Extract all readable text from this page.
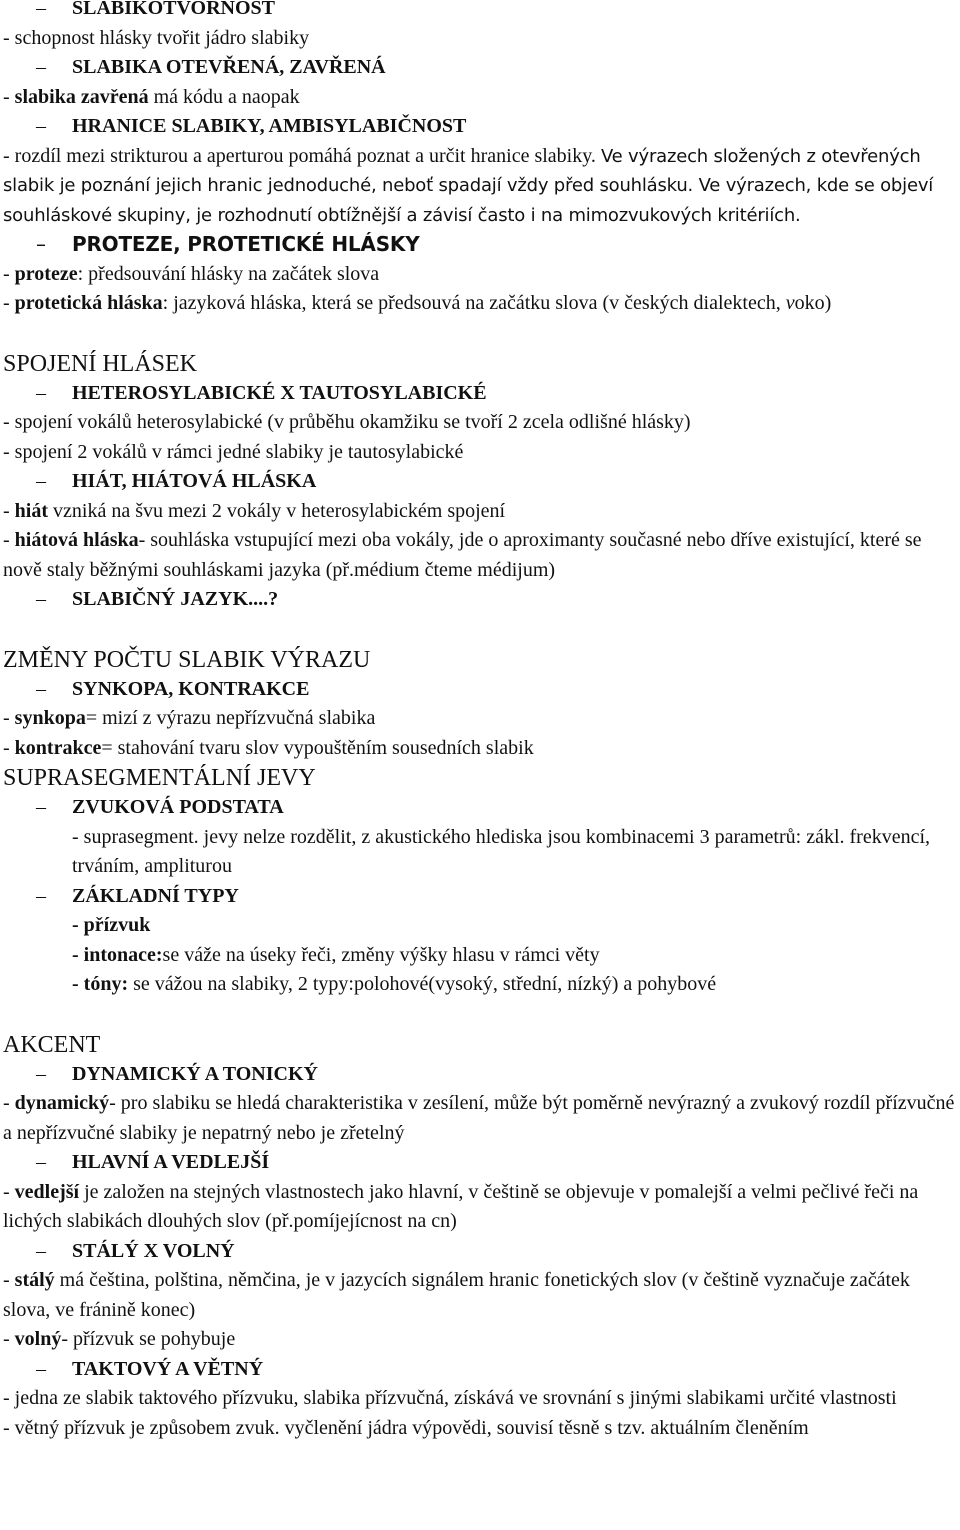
– SLABIKOTVORNOST
- schopnost hlásky tvořit jádro slabiky
– SLABIKA OTEVŘENÁ, ZAVŘENÁ
- slabika zavřená má kódu a naopak
– HRANICE SLABIKY, AMBISYLABIČNOST
- rozdíl mezi strikturou a aperturou pomáhá poznat a určit hranice slabiky. Ve výrazech složených z otevřených slabik je poznání jejich hranic jednoduché, neboť spadají vždy před souhlásku. Ve výrazech, kde se objeví souhláskové skupiny, je rozhodnutí obtížnější a závisí často i na mimozvukových kritériích.
– PROTEZE, PROTETICKÉ HLÁSKY
- proteze: předsouvání hlásky na začátek slova
- protetická hláska: jazyková hláska, která se předsouvá na začátku slova (v českých dialektech, voko)
SPOJENÍ HLÁSEK
– HETEROSYLABICKÉ X TAUTOSYLABICKÉ
- spojení vokálů heterosylabické (v průběhu okamžiku se tvoří 2 zcela odlišné hlásky)
- spojení 2 vokálů v rámci jedné slabiky je tautosylabické
– HIÁT, HIÁTOVÁ HLÁSKA
- hiát vzniká na švu mezi 2 vokály v heterosylabickém spojení
- hiátová hláska- souhláska vstupující mezi oba vokály, jde o aproximanty současné nebo dříve existující, které se nově staly běžnými souhláskami jazyka (př.médium čteme médijum)
– SLABIČNÝ JAZYK....?
ZMĚNY POČTU SLABIK VÝRAZU
– SYNKOPA, KONTRAKCE
- synkopa= mizí z výrazu nepřízvučná slabika
- kontrakce= stahování tvaru slov vypouštěním sousedních slabik
SUPRASEGMENTÁLNÍ JEVY
– ZVUKOVÁ PODSTATA
- suprasegment. jevy nelze rozdělit, z akustického hlediska jsou kombinacemi 3 parametrů: zákl. frekvencí, trváním, ampliturou
– ZÁKLADNÍ TYPY
- přízvuk
- intonace:se váže na úseky řeči, změny výšky hlasu v rámci věty
- tóny: se vážou na slabiky, 2 typy:polohové(vysoký, střední, nízký) a pohybové
AKCENT
– DYNAMICKÝ A TONICKÝ
- dynamický- pro slabiku se hledá charakteristika v zesílení, může být poměrně nevýrazný a zvukový rozdíl přízvučné a nepřízvučné slabiky je nepatrný nebo je zřetelný
– HLAVNÍ A VEDLEJŠÍ
- vedlejší je založen na stejných vlastnostech jako hlavní, v češtině se objevuje v pomalejší a velmi pečlivé řeči na lichých slabikách dlouhých slov (př.pomíjejícnost na cn)
– STÁLÝ X VOLNÝ
- stálý má čeština, polština, němčina, je v jazycích signálem hranic fonetických slov (v češtině vyznačuje začátek slova, ve fránině konec)
- volný- přízvuk se pohybuje
– TAKTOVÝ A VĚTNÝ
- jedna ze slabik taktového přízvuku, slabika přízvučná, získává ve srovnání s jinými slabikami určité vlastnosti
- větný přízvuk je způsobem zvuk. vyčlenění jádra výpovědi, souvisí těsně s tzv. aktuálním členěním
